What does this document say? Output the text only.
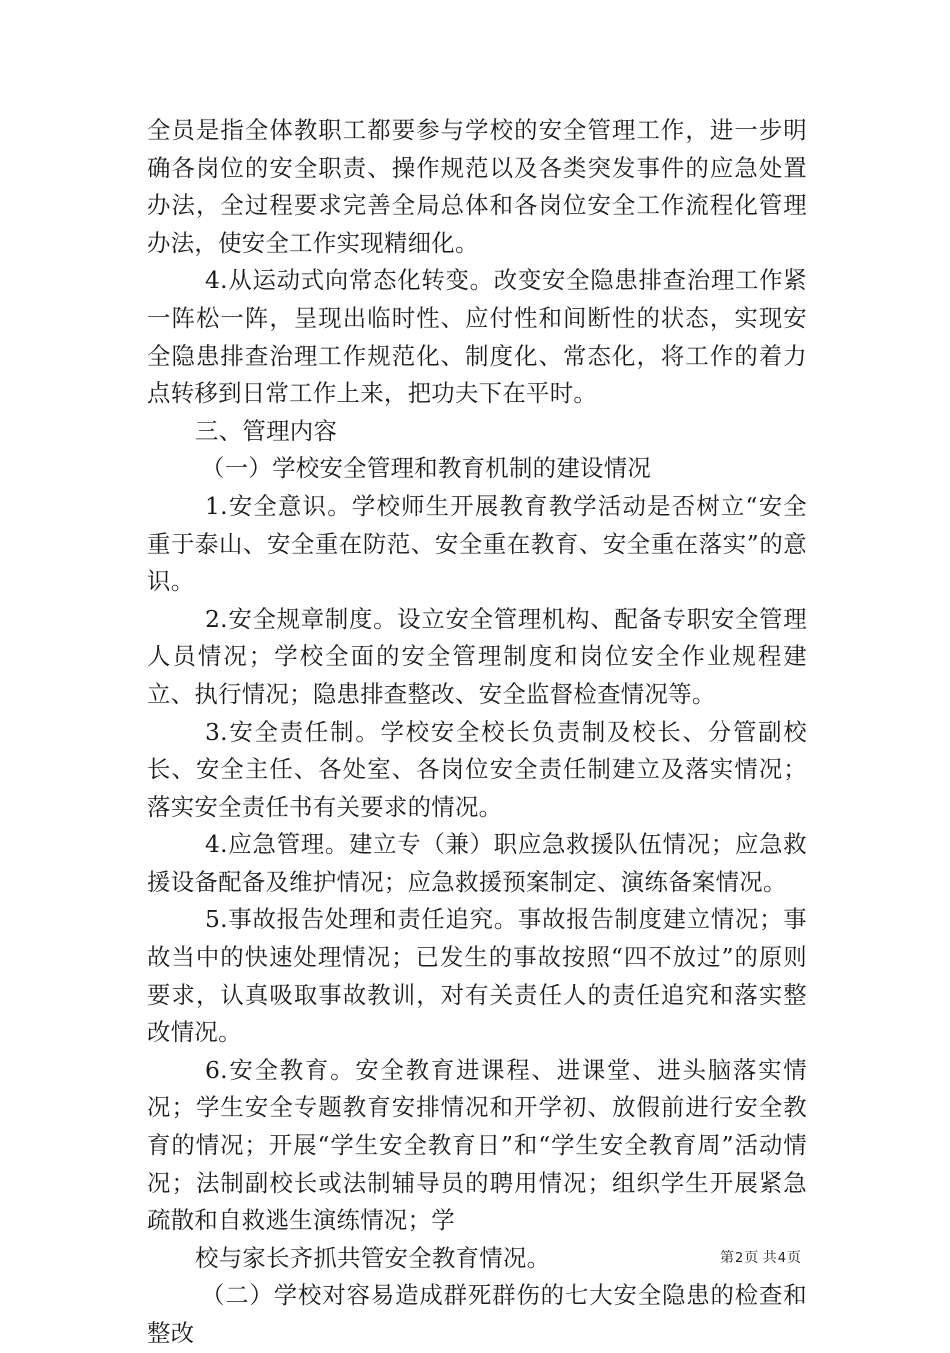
全员是指全体教职工都要参与学校的安全管理工作，进一步明确各岗位的安全职责、操作规范以及各类突发事件的应急处置办法，全过程要求完善全局总体和各岗位安全工作流程化管理办法，使安全工作实现精细化。

4.从运动式向常态化转变。改变安全隐患排查治理工作紧一阵松一阵，呈现出临时性、应付性和间断性的状态，实现安全隐患排查治理工作规范化、制度化、常态化，将工作的着力点转移到日常工作上来，把功夫下在平时。

三、管理内容

（一）学校安全管理和教育机制的建设情况

1.安全意识。学校师生开展教育教学活动是否树立“安全重于泰山、安全重在防范、安全重在教育、安全重在落实”的意识。

2.安全规章制度。设立安全管理机构、配备专职安全管理人员情况；学校全面的安全管理制度和岗位安全作业规程建立、执行情况；隐患排查整改、安全监督检查情况等。

3.安全责任制。学校安全校长负责制及校长、分管副校长、安全主任、各处室、各岗位安全责任制建立及落实情况；落实安全责任书有关要求的情况。

4.应急管理。建立专（兼）职应急救援队伍情况；应急救援设备配备及维护情况；应急救援预案制定、演练备案情况。

5.事故报告处理和责任追究。事故报告制度建立情况；事故当中的快速处理情况；已发生的事故按照“四不放过”的原则要求，认真吸取事故教训，对有关责任人的责任追究和落实整改情况。

6.安全教育。安全教育进课程、进课堂、进头脑落实情况；学生安全专题教育安排情况和开学初、放假前进行安全教育的情况；开展“学生安全教育日”和“学生安全教育周”活动情况；法制副校长或法制辅导员的聘用情况；组织学生开展紧急疏散和自救逃生演练情况；学

校与家长齐抓共管安全教育情况。

（二）学校对容易造成群死群伤的七大安全隐患的检查和整改

第2页 共4页
